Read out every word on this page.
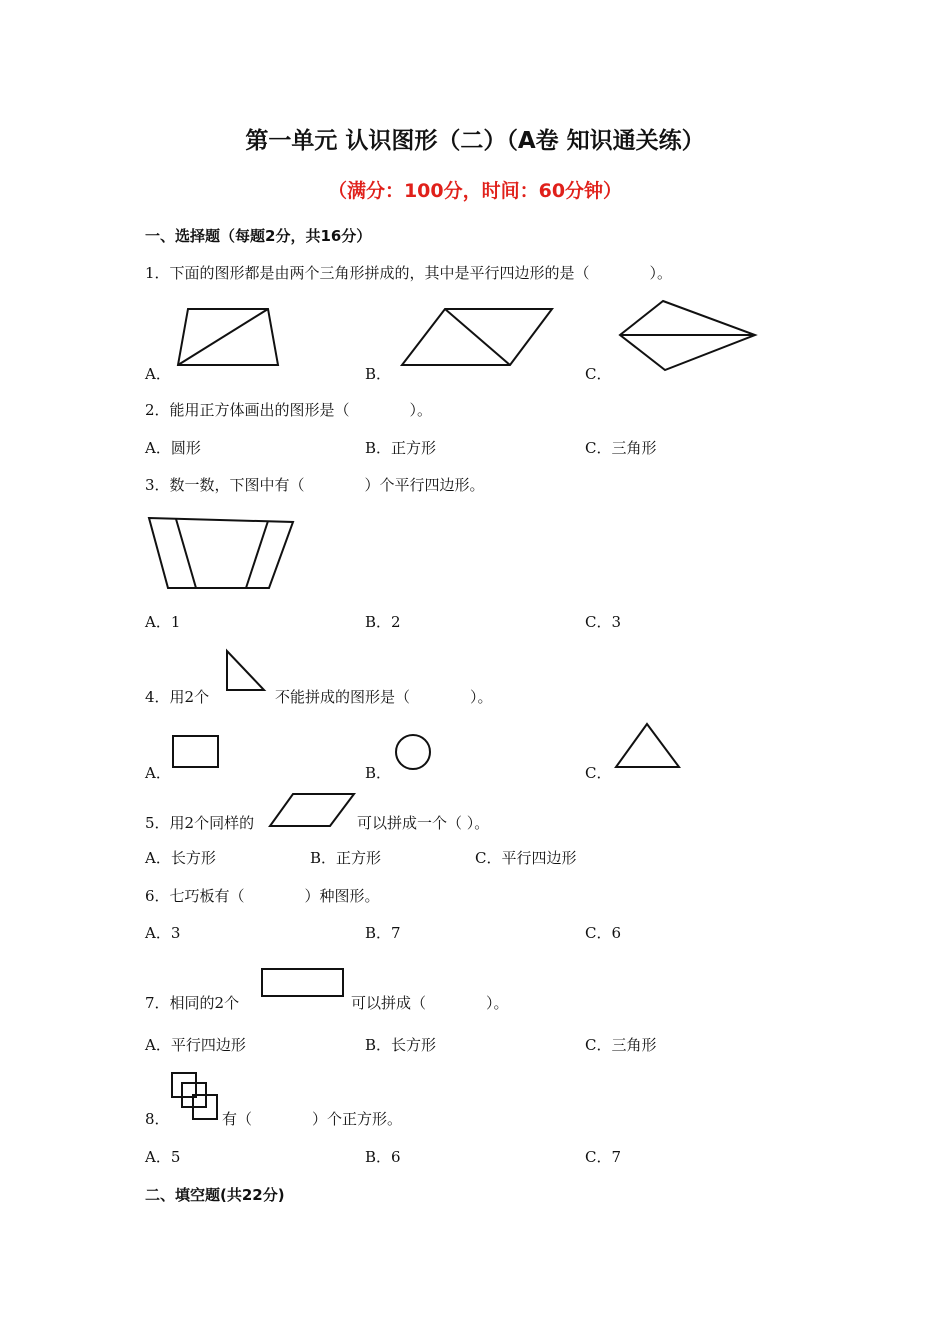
第一单元 认识图形（二）（A卷 知识通关练）
（满分：100分，时间：60分钟）
一、选择题（每题2分，共16分）
1．下面的图形都是由两个三角形拼成的，其中是平行四边形的是（　　　　）。
A．	B．	C．
2．能用正方体画出的图形是（　　　　）。
A．圆形	B．正方形	C．三角形
3．数一数，下图中有（　　　　）个平行四边形。
A．1	B．2	C．3
4．用2个	不能拼成的图形是（　　　　）。
A．	B．	C．
5．用2个同样的	可以拼成一个（ ）。
A．长方形	B．正方形	C．平行四边形
6．七巧板有（　　　　）种图形。
A．3	B．7	C．6
7．相同的2个	可以拼成（　　　　）。
A．平行四边形	B．长方形	C．三角形
8．	有（　　　　）个正方形。
A．5	B．6	C．7
二、填空题(共22分)
